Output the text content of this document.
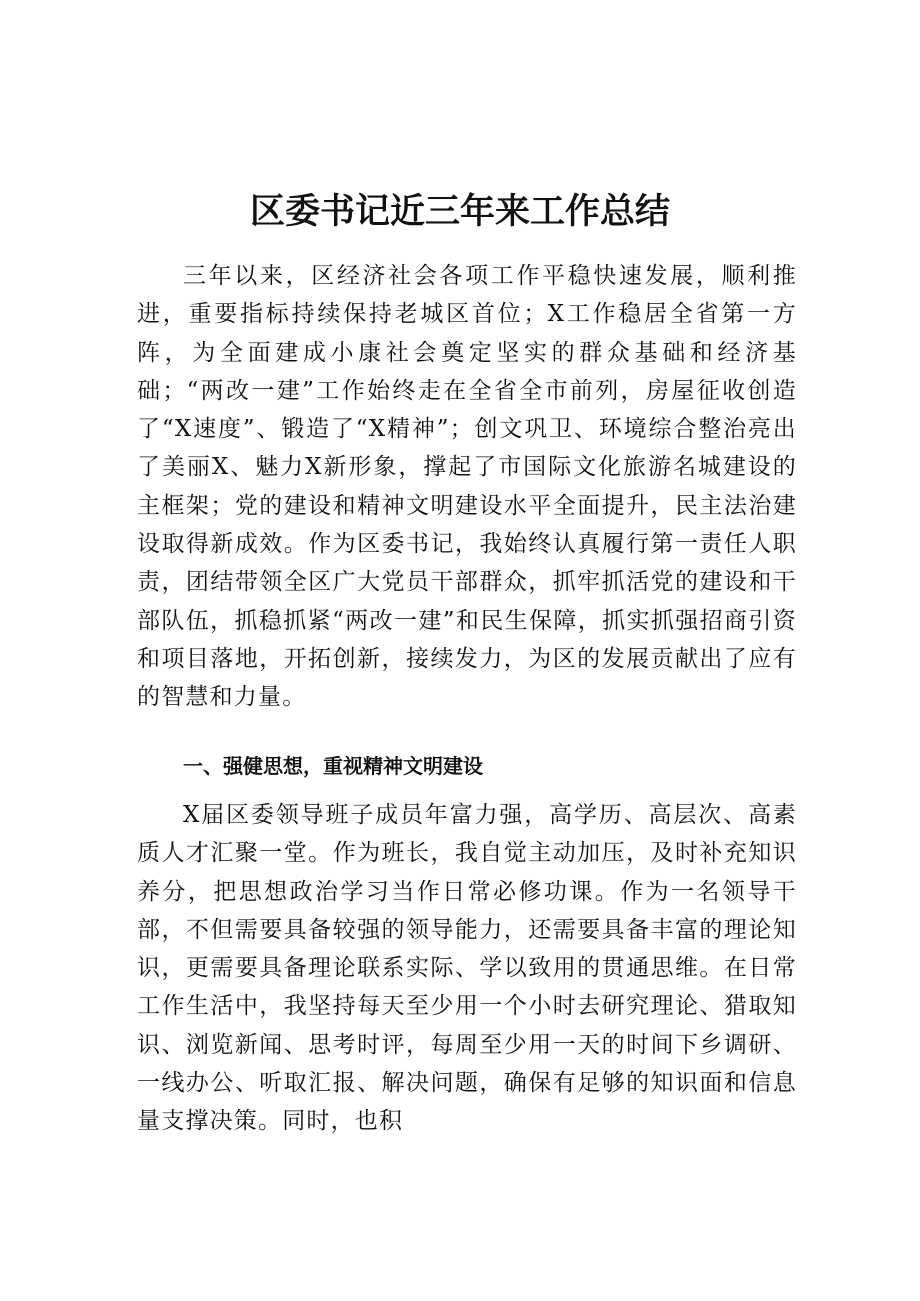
区委书记近三年来工作总结

三年以来，区经济社会各项工作平稳快速发展，顺利推进，重要指标持续保持老城区首位；X工作稳居全省第一方阵，为全面建成小康社会奠定坚实的群众基础和经济基础；“两改一建”工作始终走在全省全市前列，房屋征收创造了“X速度”、锻造了“X精神”；创文巩卫、环境综合整治亮出了美丽X、魅力X新形象，撑起了市国际文化旅游名城建设的主框架；党的建设和精神文明建设水平全面提升，民主法治建设取得新成效。作为区委书记，我始终认真履行第一责任人职责，团结带领全区广大党员干部群众，抓牢抓活党的建设和干部队伍，抓稳抓紧“两改一建”和民生保障，抓实抓强招商引资和项目落地，开拓创新，接续发力，为区的发展贡献出了应有的智慧和力量。

一、强健思想，重视精神文明建设

X届区委领导班子成员年富力强，高学历、高层次、高素质人才汇聚一堂。作为班长，我自觉主动加压，及时补充知识养分，把思想政治学习当作日常必修功课。作为一名领导干部，不但需要具备较强的领导能力，还需要具备丰富的理论知识，更需要具备理论联系实际、学以致用的贯通思维。在日常工作生活中，我坚持每天至少用一个小时去研究理论、猎取知识、浏览新闻、思考时评，每周至少用一天的时间下乡调研、一线办公、听取汇报、解决问题，确保有足够的知识面和信息量支撑决策。同时，也积
